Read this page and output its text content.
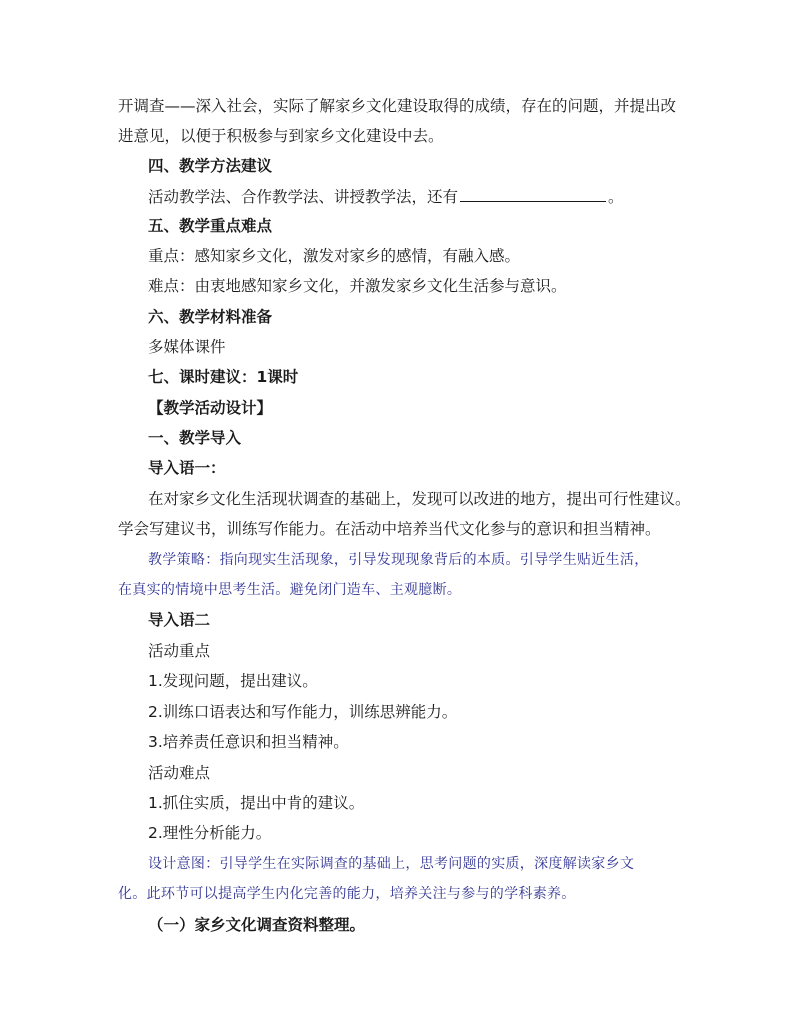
开调查——深入社会，实际了解家乡文化建设取得的成绩，存在的问题，并提出改
进意见，以便于积极参与到家乡文化建设中去。
四、教学方法建议
活动教学法、合作教学法、讲授教学法，还有	。
五、教学重点难点
重点：感知家乡文化，激发对家乡的感情，有融入感。
难点：由衷地感知家乡文化，并激发家乡文化生活参与意识。
六、教学材料准备
多媒体课件
七、课时建议：1课时
【教学活动设计】
一、教学导入
导入语一：
在对家乡文化生活现状调查的基础上，发现可以改进的地方，提出可行性建议。
学会写建议书，训练写作能力。在活动中培养当代文化参与的意识和担当精神。
教学策略：指向现实生活现象，引导发现现象背后的本质。引导学生贴近生活，
在真实的情境中思考生活。避免闭门造车、主观臆断。
导入语二
活动重点
1.发现问题，提出建议。
2.训练口语表达和写作能力，训练思辨能力。
3.培养责任意识和担当精神。
活动难点
1.抓住实质，提出中肯的建议。
2.理性分析能力。
设计意图：引导学生在实际调查的基础上，思考问题的实质，深度解读家乡文
化。此环节可以提高学生内化完善的能力，培养关注与参与的学科素养。
（一）家乡文化调查资料整理。
